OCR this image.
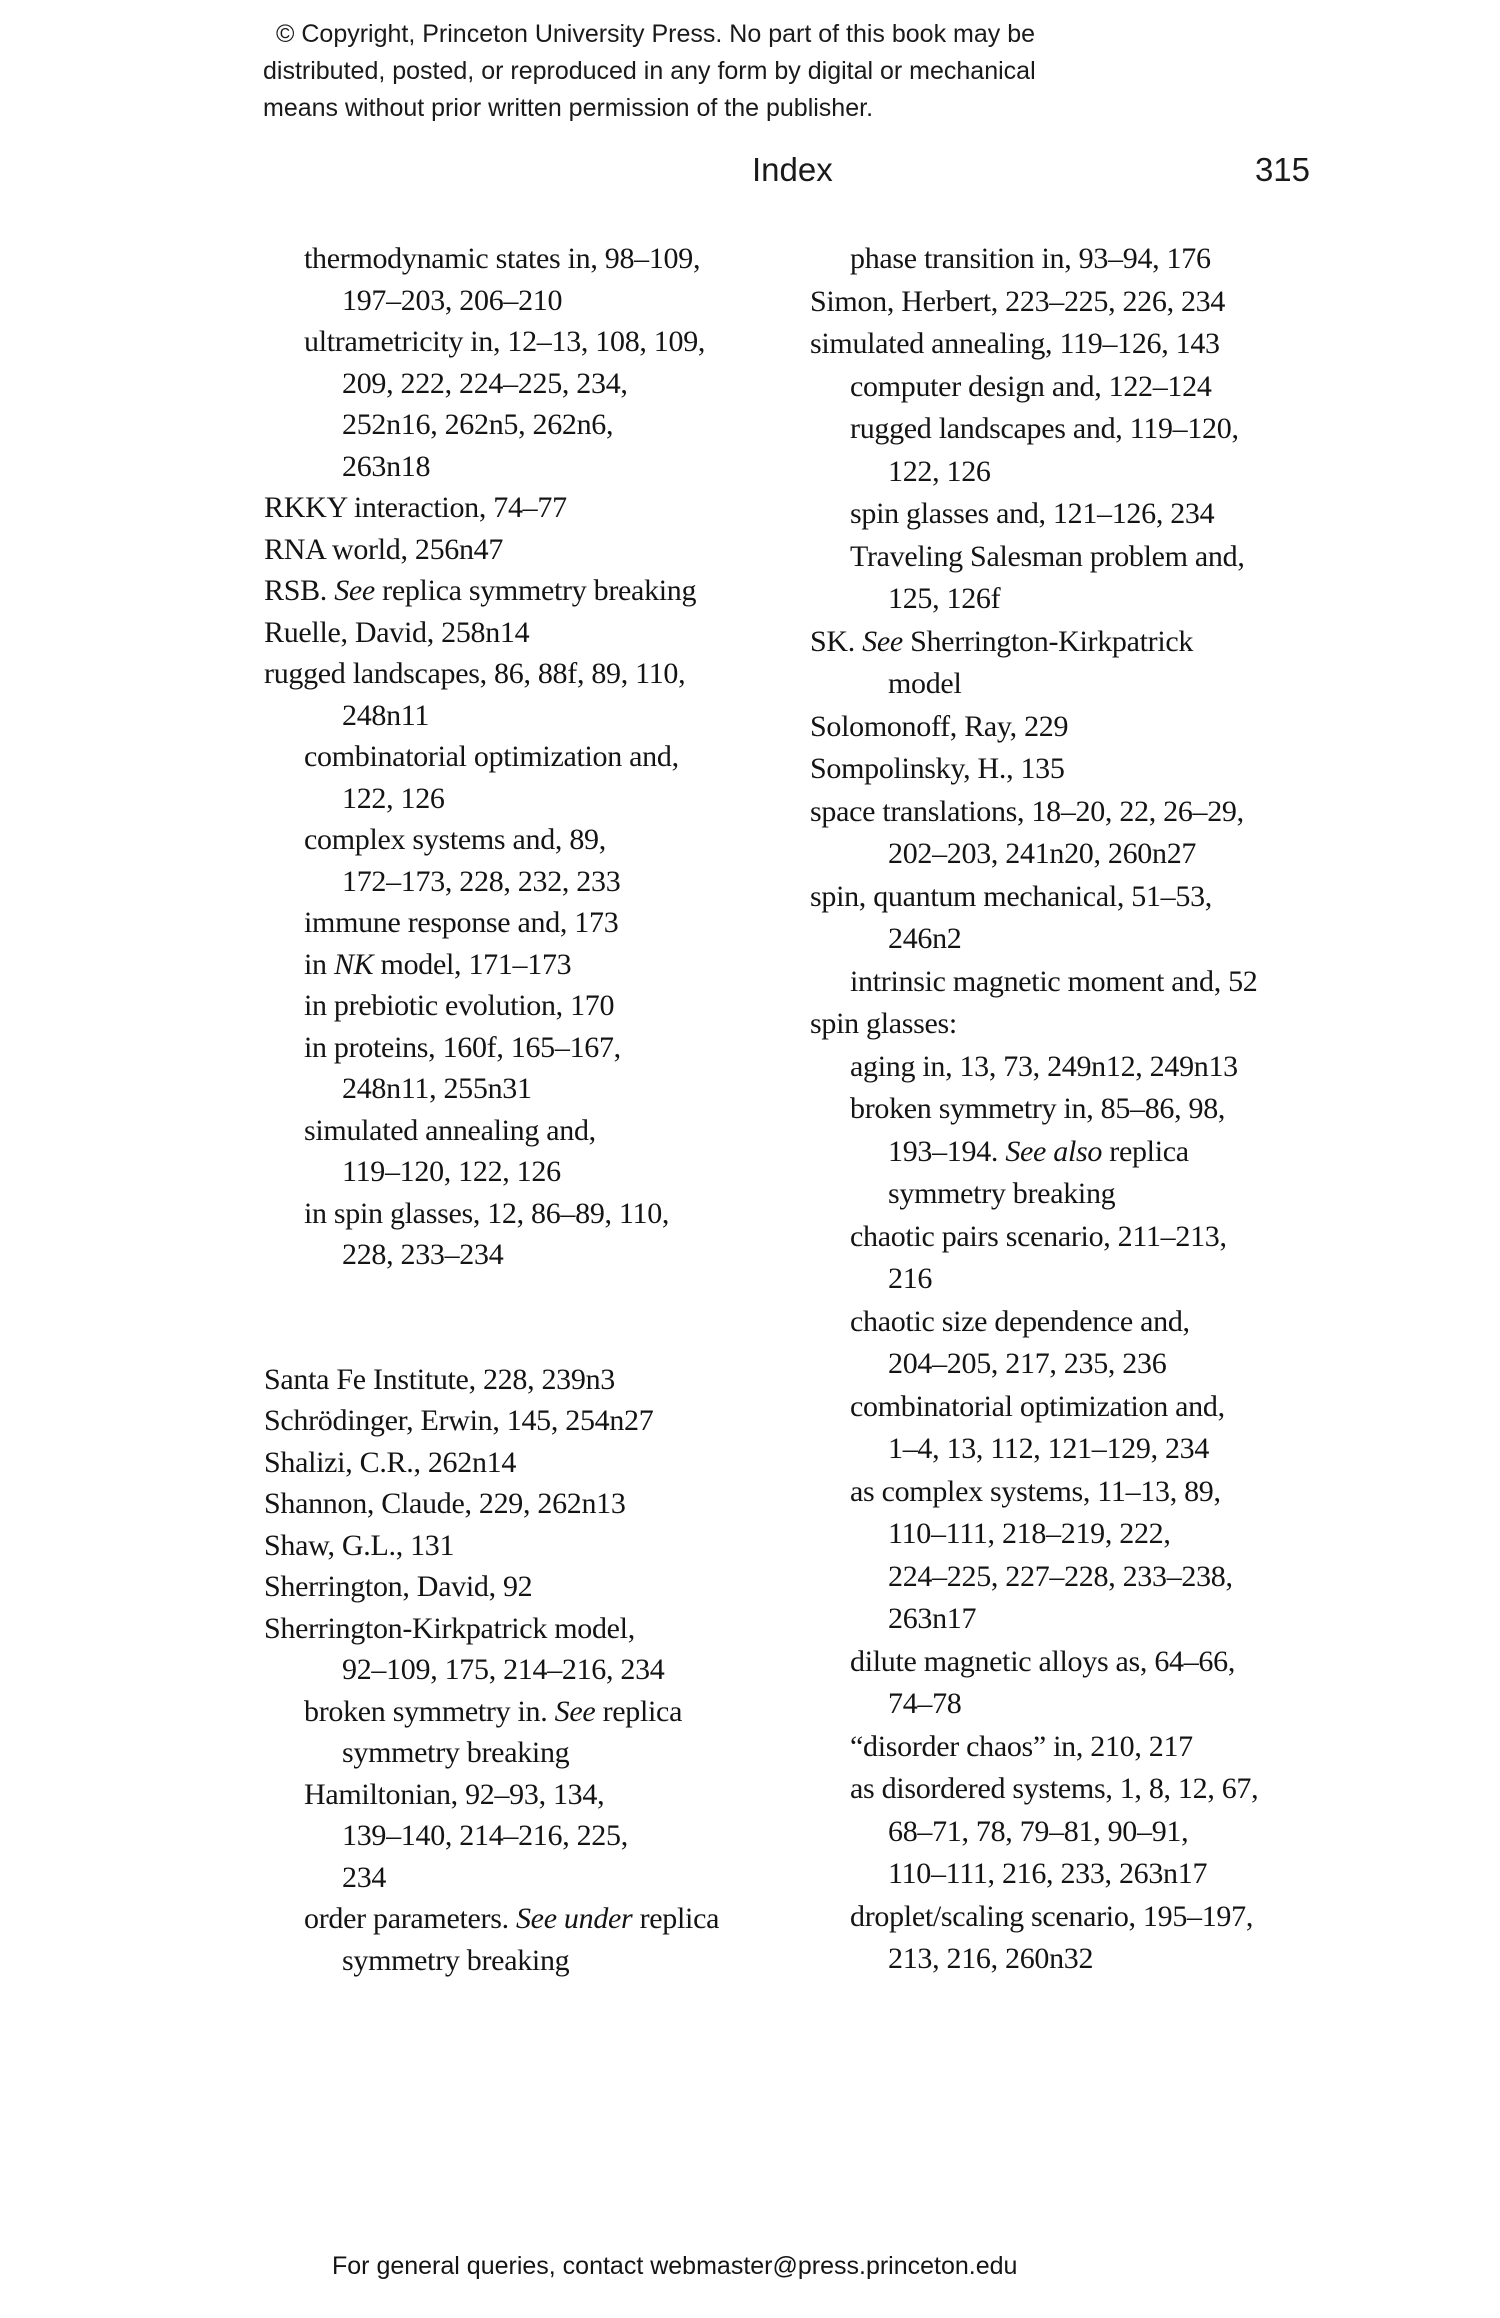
© Copyright, Princeton University Press. No part of this book may be
distributed, posted, or reproduced in any form by digital or mechanical
means without prior written permission of the publisher.
Index	315
thermodynamic states in, 98–109,
197–203, 206–210
ultrametricity in, 12–13, 108, 109,
209, 222, 224–225, 234,
252n16, 262n5, 262n6,
263n18
RKKY interaction, 74–77
RNA world, 256n47
RSB. See replica symmetry breaking
Ruelle, David, 258n14
rugged landscapes, 86, 88f, 89, 110,
248n11
combinatorial optimization and,
122, 126
complex systems and, 89,
172–173, 228, 232, 233
immune response and, 173
in NK model, 171–173
in prebiotic evolution, 170
in proteins, 160f, 165–167,
248n11, 255n31
simulated annealing and,
119–120, 122, 126
in spin glasses, 12, 86–89, 110,
228, 233–234
Santa Fe Institute, 228, 239n3
Schrödinger, Erwin, 145, 254n27
Shalizi, C.R., 262n14
Shannon, Claude, 229, 262n13
Shaw, G.L., 131
Sherrington, David, 92
Sherrington-Kirkpatrick model,
92–109, 175, 214–216, 234
broken symmetry in. See replica
symmetry breaking
Hamiltonian, 92–93, 134,
139–140, 214–216, 225,
234
order parameters. See under replica
symmetry breaking
phase transition in, 93–94, 176
Simon, Herbert, 223–225, 226, 234
simulated annealing, 119–126, 143
computer design and, 122–124
rugged landscapes and, 119–120,
122, 126
spin glasses and, 121–126, 234
Traveling Salesman problem and,
125, 126f
SK. See Sherrington-Kirkpatrick
model
Solomonoff, Ray, 229
Sompolinsky, H., 135
space translations, 18–20, 22, 26–29,
202–203, 241n20, 260n27
spin, quantum mechanical, 51–53,
246n2
intrinsic magnetic moment and, 52
spin glasses:
aging in, 13, 73, 249n12, 249n13
broken symmetry in, 85–86, 98,
193–194. See also replica
symmetry breaking
chaotic pairs scenario, 211–213,
216
chaotic size dependence and,
204–205, 217, 235, 236
combinatorial optimization and,
1–4, 13, 112, 121–129, 234
as complex systems, 11–13, 89,
110–111, 218–219, 222,
224–225, 227–228, 233–238,
263n17
dilute magnetic alloys as, 64–66,
74–78
“disorder chaos” in, 210, 217
as disordered systems, 1, 8, 12, 67,
68–71, 78, 79–81, 90–91,
110–111, 216, 233, 263n17
droplet/scaling scenario, 195–197,
213, 216, 260n32
For general queries, contact webmaster@press.princeton.edu
